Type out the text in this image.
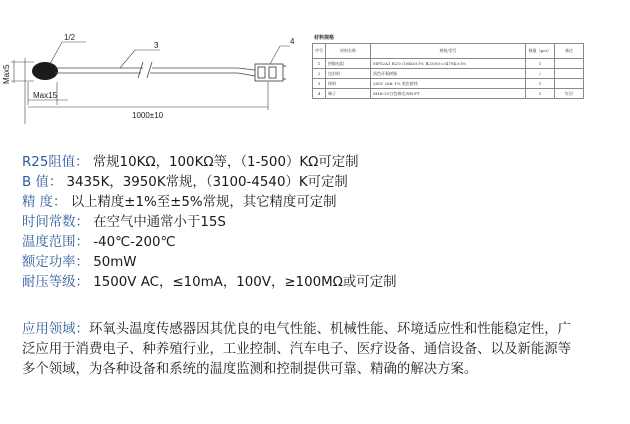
1/2
3	4
Max5
Max15
1000±10
材料规格
序号	材料名称	规格/型号	数量（pcs）	备注
1	热敏电阻	MF52A1 R25=10KΩ±1% B25/50=3470K±1%	1	
2	包封料	黑色环氧树脂	/	
3	线料	2651 28# 1% 黑色排线	1	
4	端子	XH#-2Y白色端壳/XH-PT	1	红层
R25阻值： 常规10KΩ，100KΩ等，（1-500）KΩ可定制
B 值： 3435K，3950K常规，（3100-4540）K可定制
精 度： 以上精度±1%至±5%常规，其它精度可定制
时间常数： 在空气中通常小于15S
温度范围： -40℃-200℃
额定功率： 50mW
耐压等级： 1500V AC，≤10mA，100V，≥100MΩ或可定制
应用领域：环氧头温度传感器因其优良的电气性能、机械性能、环境适应性和性能稳定性，广泛应用于消费电子、种养殖行业，工业控制、汽车电子、医疗设备、通信设备、以及新能源等多个领域，为各种设备和系统的温度监测和控制提供可靠、精确的解决方案。
